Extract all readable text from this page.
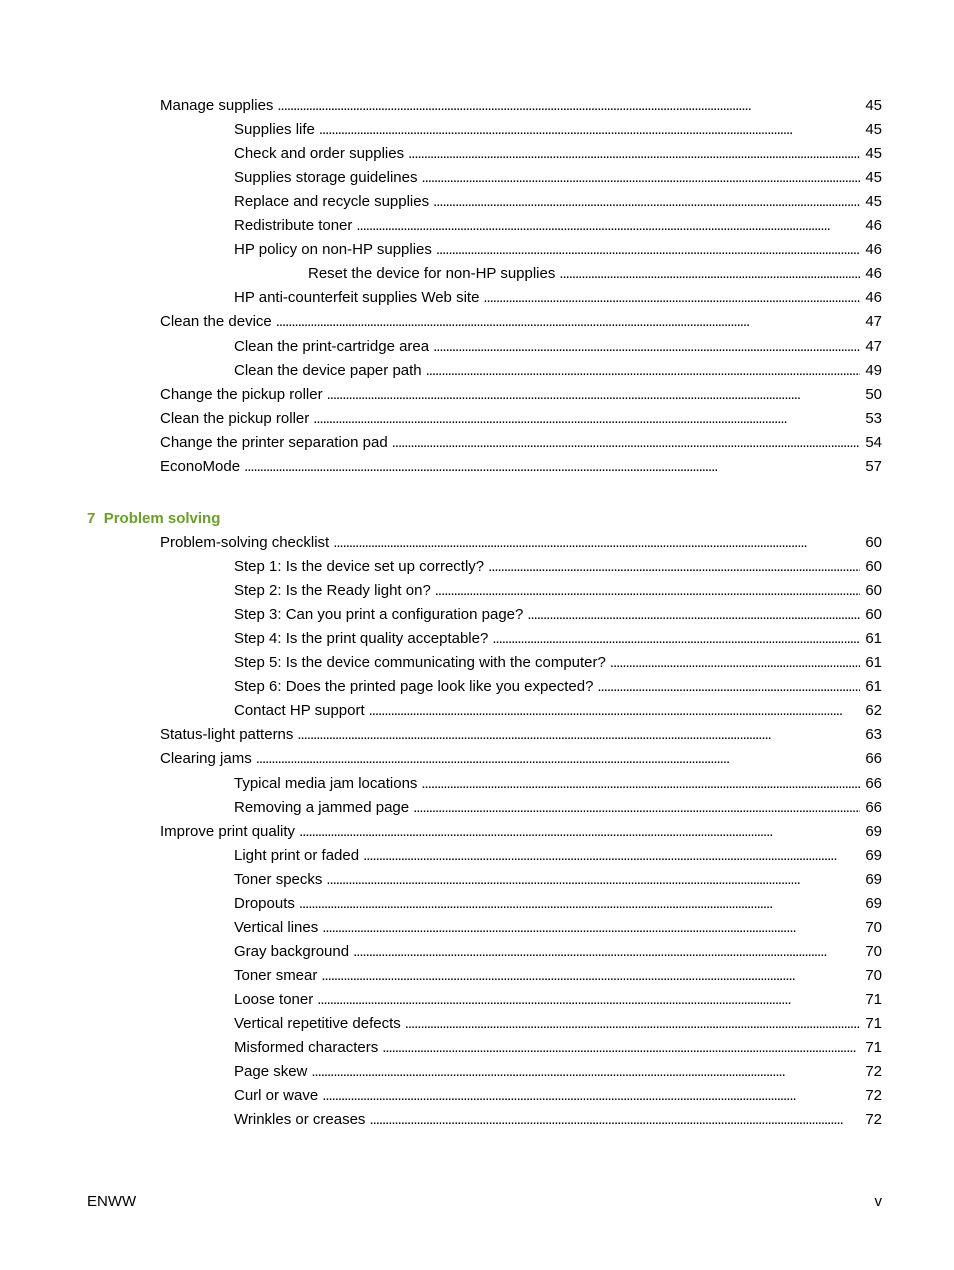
Manage supplies . . .	45
Supplies life . . .	45
Check and order supplies . . .	45
Supplies storage guidelines . . .	45
Replace and recycle supplies . . .	45
Redistribute toner . . .	46
HP policy on non-HP supplies . . .	46
Reset the device for non-HP supplies . . .	46
HP anti-counterfeit supplies Web site . . .	46
Clean the device . . .	47
Clean the print-cartridge area . . .	47
Clean the device paper path . . .	49
Change the pickup roller . . .	50
Clean the pickup roller . . .	53
Change the printer separation pad . . .	54
EconoMode . . .	57
7 Problem solving
Problem-solving checklist . . .	60
Step 1: Is the device set up correctly? . . .	60
Step 2: Is the Ready light on? . . .	60
Step 3: Can you print a configuration page? . . .	60
Step 4: Is the print quality acceptable? . . .	61
Step 5: Is the device communicating with the computer? . . .	61
Step 6: Does the printed page look like you expected? . . .	61
Contact HP support . . .	62
Status-light patterns . . .	63
Clearing jams . . .	66
Typical media jam locations . . .	66
Removing a jammed page . . .	66
Improve print quality . . .	69
Light print or faded . . .	69
Toner specks . . .	69
Dropouts . . .	69
Vertical lines . . .	70
Gray background . . .	70
Toner smear . . .	70
Loose toner . . .	71
Vertical repetitive defects . . .	71
Misformed characters . . .	71
Page skew . . .	72
Curl or wave . . .	72
Wrinkles or creases . . .	72
ENWW	v
